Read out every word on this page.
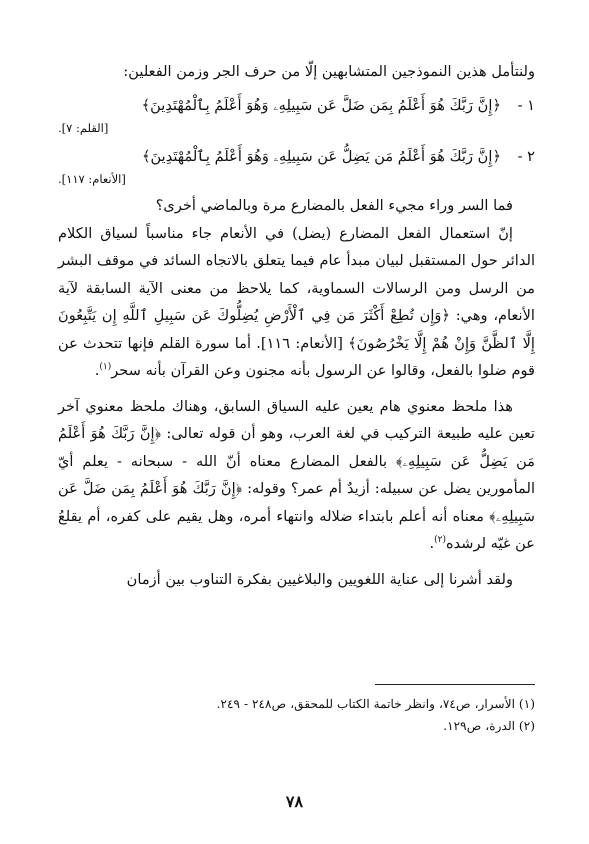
ولنتأمل هذين النموذجين المتشابهين إلّا من حرف الجر وزمن الفعلين:

١ -
﴿إِنَّ رَبَّكَ هُوَ أَعْلَمُ بِمَن ضَلَّ عَن سَبِيلِهِۦ وَهُوَ أَعْلَمُ بِٱلْمُهْتَدِينَ﴾

[القلم: ٧].

٢ -
﴿إِنَّ رَبَّكَ هُوَ أَعْلَمُ مَن يَضِلُّ عَن سَبِيلِهِۦ وَهُوَ أَعْلَمُ بِٱلْمُهْتَدِينَ﴾

[الأنعام: ١١٧].

فما السر وراء مجيء الفعل بالمضارع مرة وبالماضي أخرى؟

إنّ استعمال الفعل المضارع (يضل) في الأنعام جاء مناسباً لسياق الكلام الدائر حول المستقبل لبيان مبدأ عام فيما يتعلق بالاتجاه السائد في موقف البشر من الرسل ومن الرسالات السماوية، كما يلاحظ من معنى الآية السابقة لآية الأنعام، وهي: ﴿وَإِن تُطِعْ أَكْثَرَ مَن فِي ٱلْأَرْضِ يُضِلُّوكَ عَن سَبِيلِ ٱللَّهِ إِن يَتَّبِعُونَ إِلَّا ٱلظَّنَّ وَإِنْ هُمْ إِلَّا يَخْرُصُونَ﴾ [الأنعام: ١١٦]. أما سورة القلم فإنها تتحدث عن قوم ضلوا بالفعل، وقالوا عن الرسول بأنه مجنون وعن القرآن بأنه سحر$^{(١)}$.

هذا ملحظ معنوي هام يعين عليه السياق السابق، وهناك ملحظ معنوي آخر تعين عليه طبيعة التركيب في لغة العرب، وهو أن قوله تعالى: ﴿إِنَّ رَبَّكَ هُوَ أَعْلَمُ مَن يَضِلُّ عَن سَبِيلِهِۦ﴾ بالفعل المضارع معناه أنّ الله - سبحانه - يعلم أيّ المأمورين يضل عن سبيله: أزيدٌ أم عمر؟ وقوله: ﴿إِنَّ رَبَّكَ هُوَ أَعْلَمُ بِمَن ضَلَّ عَن سَبِيلِهِۦ﴾ معناه أنه أعلم بابتداء ضلاله وانتهاء أمره، وهل يقيم على كفره، أم يقلعُ عن غيّه لرشده$^{(٢)}$.

ولقد أشرنا إلى عناية اللغويين والبلاغيين بفكرة التناوب بين أزمان

(١) الأسرار، ص٧٤، وانظر خاتمة الكتاب للمحقق، ص٢٤٨ - ٢٤٩.

(٢) الدرة، ص١٢٩.

٧٨
